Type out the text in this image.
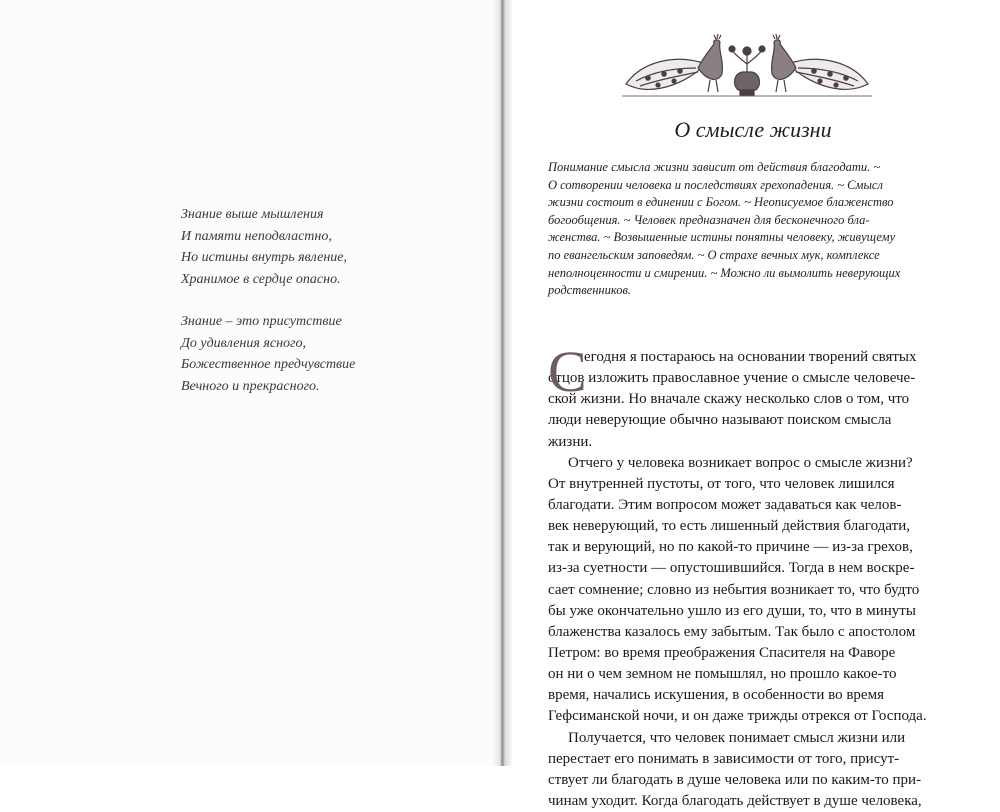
Знание выше мышления
И памяти неподвластно,
Но истины внутрь явление,
Хранимое в сердце опасно.
Знание – это присутствие
До удивления ясного,
Божественное предчувствие
Вечного и прекрасного.
О смысле жизни
Понимание смысла жизни зависит от действия благодати. ~
О сотворении человека и последствиях грехопадения. ~ Смысл
жизни состоит в единении с Богом. ~ Неописуемое блаженство
богообщения. ~ Человек предназначен для бесконечного бла-
женства. ~ Возвышенные истины понятны человеку, живущему
по евангельским заповедям. ~ О страхе вечных мук, комплексе
неполноценности и смирении. ~ Можно ли вымолить неверующих
родственников.
С
егодня я постараюсь на основании творений святых
отцов изложить православное учение о смысле человече-
ской жизни. Но вначале скажу несколько слов о том, что
люди неверующие обычно называют поиском смысла
жизни.
Отчего у человека возникает вопрос о смысле жизни?
От внутренней пустоты, от того, что человек лишился
благодати. Этим вопросом может задаваться как челов-
век неверующий, то есть лишенный действия благодати,
так и верующий, но по какой-то причине — из-за грехов,
из-за суетности — опустошившийся. Тогда в нем воскре-
сает сомнение; словно из небытия возникает то, что будто
бы уже окончательно ушло из его души, то, что в минуты
блаженства казалось ему забытым. Так было с апостолом
Петром: во время преображения Спасителя на Фаворе
он ни о чем земном не помышлял, но прошло какое-то
время, начались искушения, в особенности во время
Гефсиманской ночи, и он даже трижды отрекся от Господа.
Получается, что человек понимает смысл жизни или
перестает его понимать в зависимости от того, присут-
ствует ли благодать в душе человека или по каким-то при-
чинам уходит. Когда благодать действует в душе человека,
